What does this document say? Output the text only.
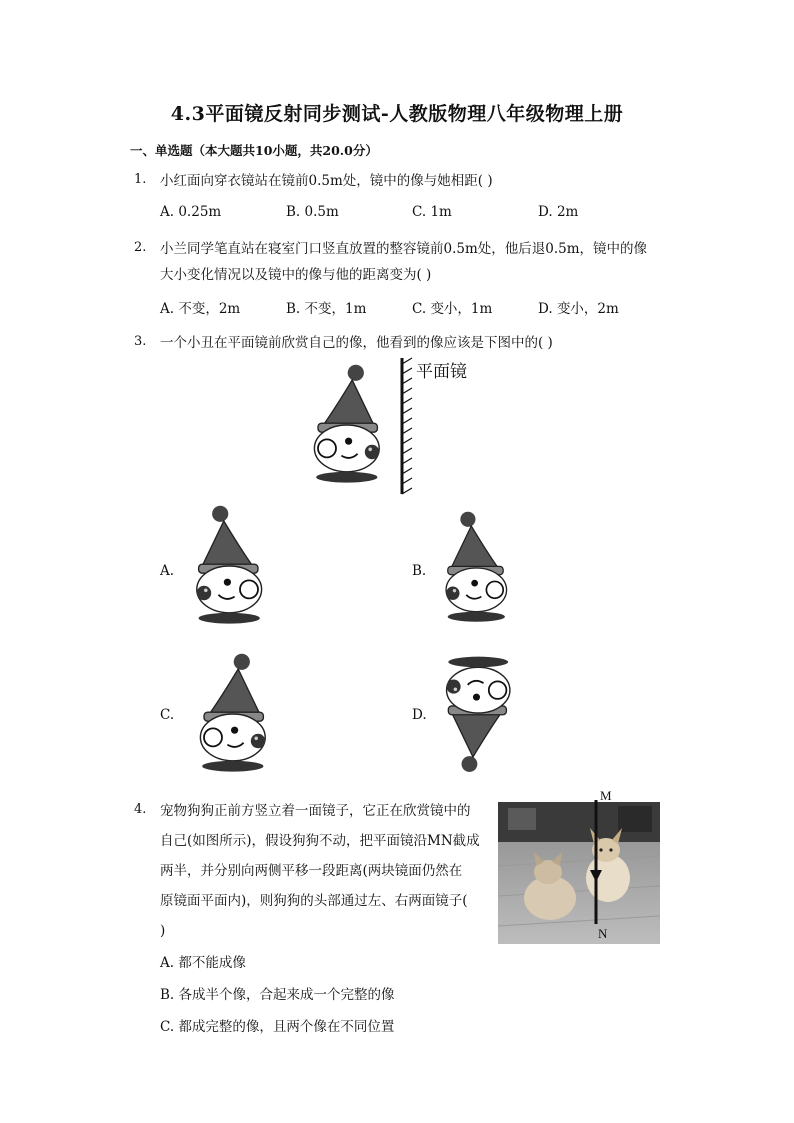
4.3平面镜反射同步测试-人教版物理八年级物理上册
一、单选题（本大题共10小题，共20.0分）
1. 小红面向穿衣镜站在镜前0.5m处，镜中的像与她相距( )
A. 0.25m	B. 0.5m	C. 1m	D. 2m
2. 小兰同学笔直站在寝室门口竖直放置的整容镜前0.5m处，他后退0.5m，镜中的像
大小变化情况以及镜中的像与他的距离变为( )
A. 不变，2m	B. 不变，1m	C. 变小，1m	D. 变小，2m
3. 一个小丑在平面镜前欣赏自己的像，他看到的像应该是下图中的( )
平面镜
A.	B.
C.	D.
4. 宠物狗狗正前方竖立着一面镜子，它正在欣赏镜中的
自己(如图所示)，假设狗狗不动，把平面镜沿MN截成
两半，并分别向两侧平移一段距离(两块镜面仍然在
原镜面平面内)，则狗狗的头部通过左、右两面镜子(
)
M
N
A. 都不能成像
B. 各成半个像，合起来成一个完整的像
C. 都成完整的像，且两个像在不同位置
